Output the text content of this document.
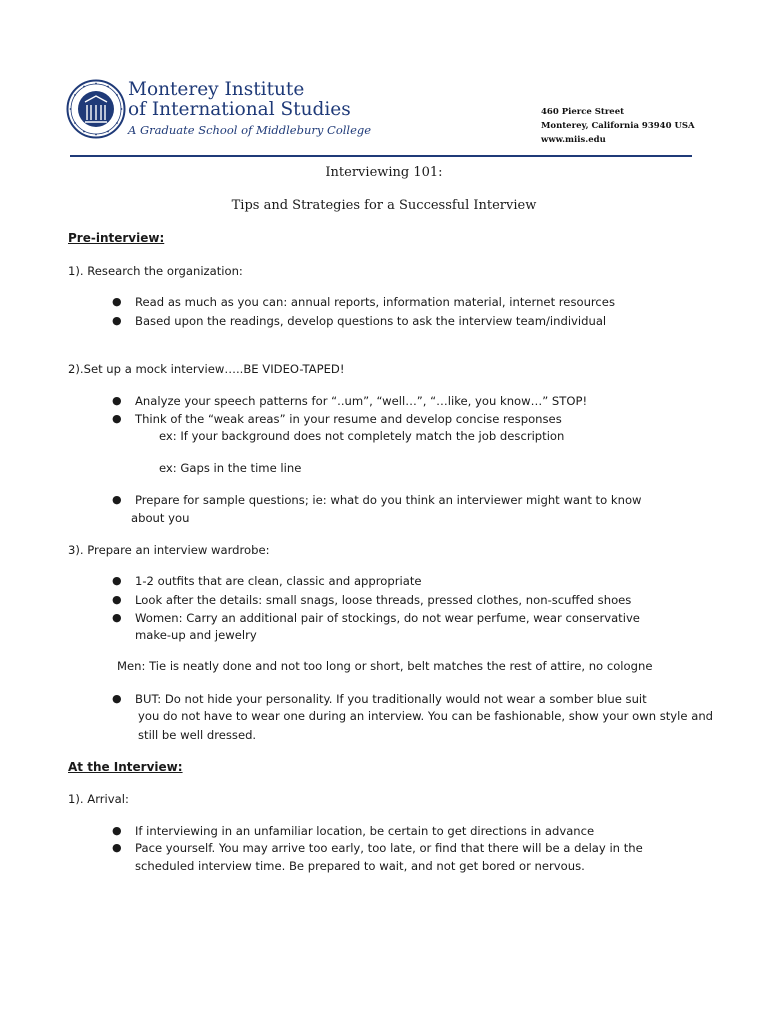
Monterey Institute
of International Studies
A Graduate School of Middlebury College
460 Pierce Street
Monterey, California 93940 USA
www.miis.edu
Interviewing 101:
Tips and Strategies for a Successful Interview
Pre-interview:
1). Research the organization:
● Read as much as you can: annual reports, information material, internet resources
● Based upon the readings, develop questions to ask the interview team/individual
2).Set up a mock interview…..BE VIDEO-TAPED!
● Analyze your speech patterns for “..um”, “well…”, “…like, you know…” STOP!
● Think of the “weak areas” in your resume and develop concise responses
ex: If your background does not completely match the job description
ex: Gaps in the time line
● Prepare for sample questions; ie: what do you think an interviewer might want to know
about you
3). Prepare an interview wardrobe:
● 1-2 outfits that are clean, classic and appropriate
● Look after the details: small snags, loose threads, pressed clothes, non-scuffed shoes
● Women: Carry an additional pair of stockings, do not wear perfume, wear conservative
make-up and jewelry
Men: Tie is neatly done and not too long or short, belt matches the rest of attire, no cologne
● BUT: Do not hide your personality. If you traditionally would not wear a somber blue suit
you do not have to wear one during an interview. You can be fashionable, show your own style and
still be well dressed.
At the Interview:
1). Arrival:
● If interviewing in an unfamiliar location, be certain to get directions in advance
● Pace yourself. You may arrive too early, too late, or find that there will be a delay in the
scheduled interview time. Be prepared to wait, and not get bored or nervous.
